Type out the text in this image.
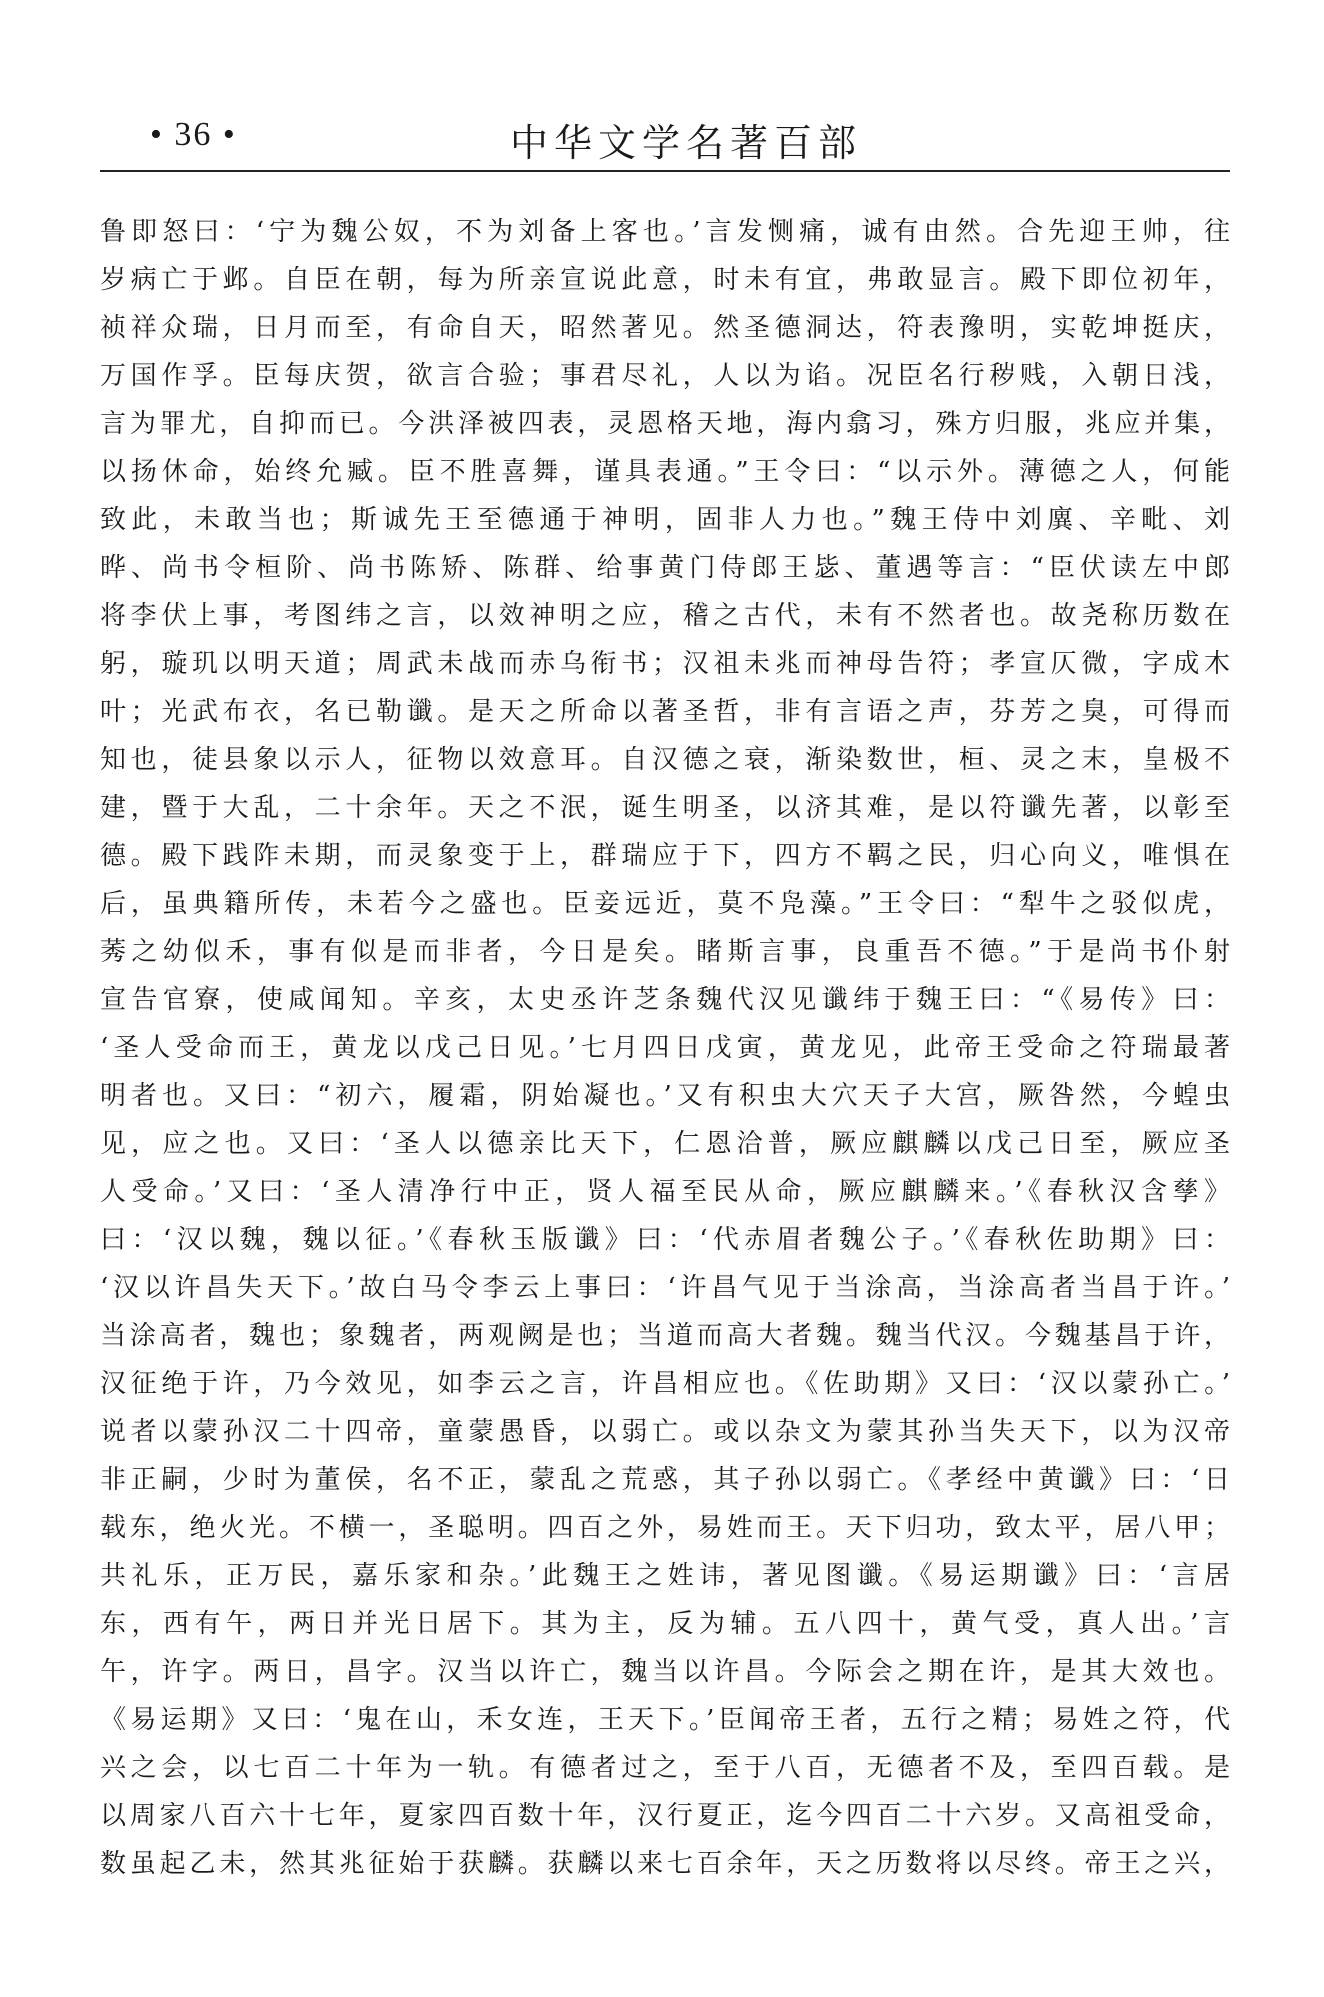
• 36 •	中华文学名著百部
鲁即怒曰：‘宁为魏公奴，不为刘备上客也。’言发恻痛，诚有由然。合先迎王帅，往
岁病亡于邺。自臣在朝，每为所亲宣说此意，时未有宜，弗敢显言。殿下即位初年，
祯祥众瑞，日月而至，有命自天，昭然著见。然圣德洞达，符表豫明，实乾坤挺庆，
万国作孚。臣每庆贺，欲言合验；事君尽礼，人以为谄。况臣名行秽贱，入朝日浅，
言为罪尤，自抑而已。今洪泽被四表，灵恩格天地，海内翕习，殊方归服，兆应并集，
以扬休命，始终允臧。臣不胜喜舞，谨具表通。”王令曰：“以示外。薄德之人，何能
致此，未敢当也；斯诚先王至德通于神明，固非人力也。”魏王侍中刘廙、辛毗、刘
晔、尚书令桓阶、尚书陈矫、陈群、给事黄门侍郎王毖、董遇等言：“臣伏读左中郎
将李伏上事，考图纬之言，以效神明之应，稽之古代，未有不然者也。故尧称历数在
躬，璇玑以明天道；周武未战而赤乌衔书；汉祖未兆而神母告符；孝宣仄微，字成木
叶；光武布衣，名已勒谶。是天之所命以著圣哲，非有言语之声，芬芳之臭，可得而
知也，徒县象以示人，征物以效意耳。自汉德之衰，渐染数世，桓、灵之末，皇极不
建，暨于大乱，二十余年。天之不泯，诞生明圣，以济其难，是以符谶先著，以彰至
德。殿下践阼未期，而灵象变于上，群瑞应于下，四方不羁之民，归心向义，唯惧在
后，虽典籍所传，未若今之盛也。臣妾远近，莫不凫藻。”王令曰：“犁牛之驳似虎，
莠之幼似禾，事有似是而非者，今日是矣。睹斯言事，良重吾不德。”于是尚书仆射
宣告官寮，使咸闻知。辛亥，太史丞许芝条魏代汉见谶纬于魏王曰：“《易传》曰：
‘圣人受命而王，黄龙以戊己日见。’七月四日戊寅，黄龙见，此帝王受命之符瑞最著
明者也。又曰：“初六，履霜，阴始凝也。’又有积虫大穴天子大宫，厥咎然，今蝗虫
见，应之也。又曰：‘圣人以德亲比天下，仁恩洽普，厥应麒麟以戊己日至，厥应圣
人受命。’又曰：‘圣人清净行中正，贤人福至民从命，厥应麒麟来。’《春秋汉含孳》
曰：‘汉以魏，魏以征。’《春秋玉版谶》曰：‘代赤眉者魏公子。’《春秋佐助期》曰：
‘汉以许昌失天下。’故白马令李云上事曰：‘许昌气见于当涂高，当涂高者当昌于许。’
当涂高者，魏也；象魏者，两观阙是也；当道而高大者魏。魏当代汉。今魏基昌于许，
汉征绝于许，乃今效见，如李云之言，许昌相应也。《佐助期》又曰：‘汉以蒙孙亡。’
说者以蒙孙汉二十四帝，童蒙愚昏，以弱亡。或以杂文为蒙其孙当失天下，以为汉帝
非正嗣，少时为董侯，名不正，蒙乱之荒惑，其子孙以弱亡。《孝经中黄谶》曰：‘日
载东，绝火光。不横一，圣聪明。四百之外，易姓而王。天下归功，致太平，居八甲；
共礼乐，正万民，嘉乐家和杂。’此魏王之姓讳，著见图谶。《易运期谶》曰：‘言居
东，西有午，两日并光日居下。其为主，反为辅。五八四十，黄气受，真人出。’言
午，许字。两日，昌字。汉当以许亡，魏当以许昌。今际会之期在许，是其大效也。
《易运期》又曰：‘鬼在山，禾女连，王天下。’臣闻帝王者，五行之精；易姓之符，代
兴之会，以七百二十年为一轨。有德者过之，至于八百，无德者不及，至四百载。是
以周家八百六十七年，夏家四百数十年，汉行夏正，迄今四百二十六岁。又高祖受命，
数虽起乙未，然其兆征始于获麟。获麟以来七百余年，天之历数将以尽终。帝王之兴，
